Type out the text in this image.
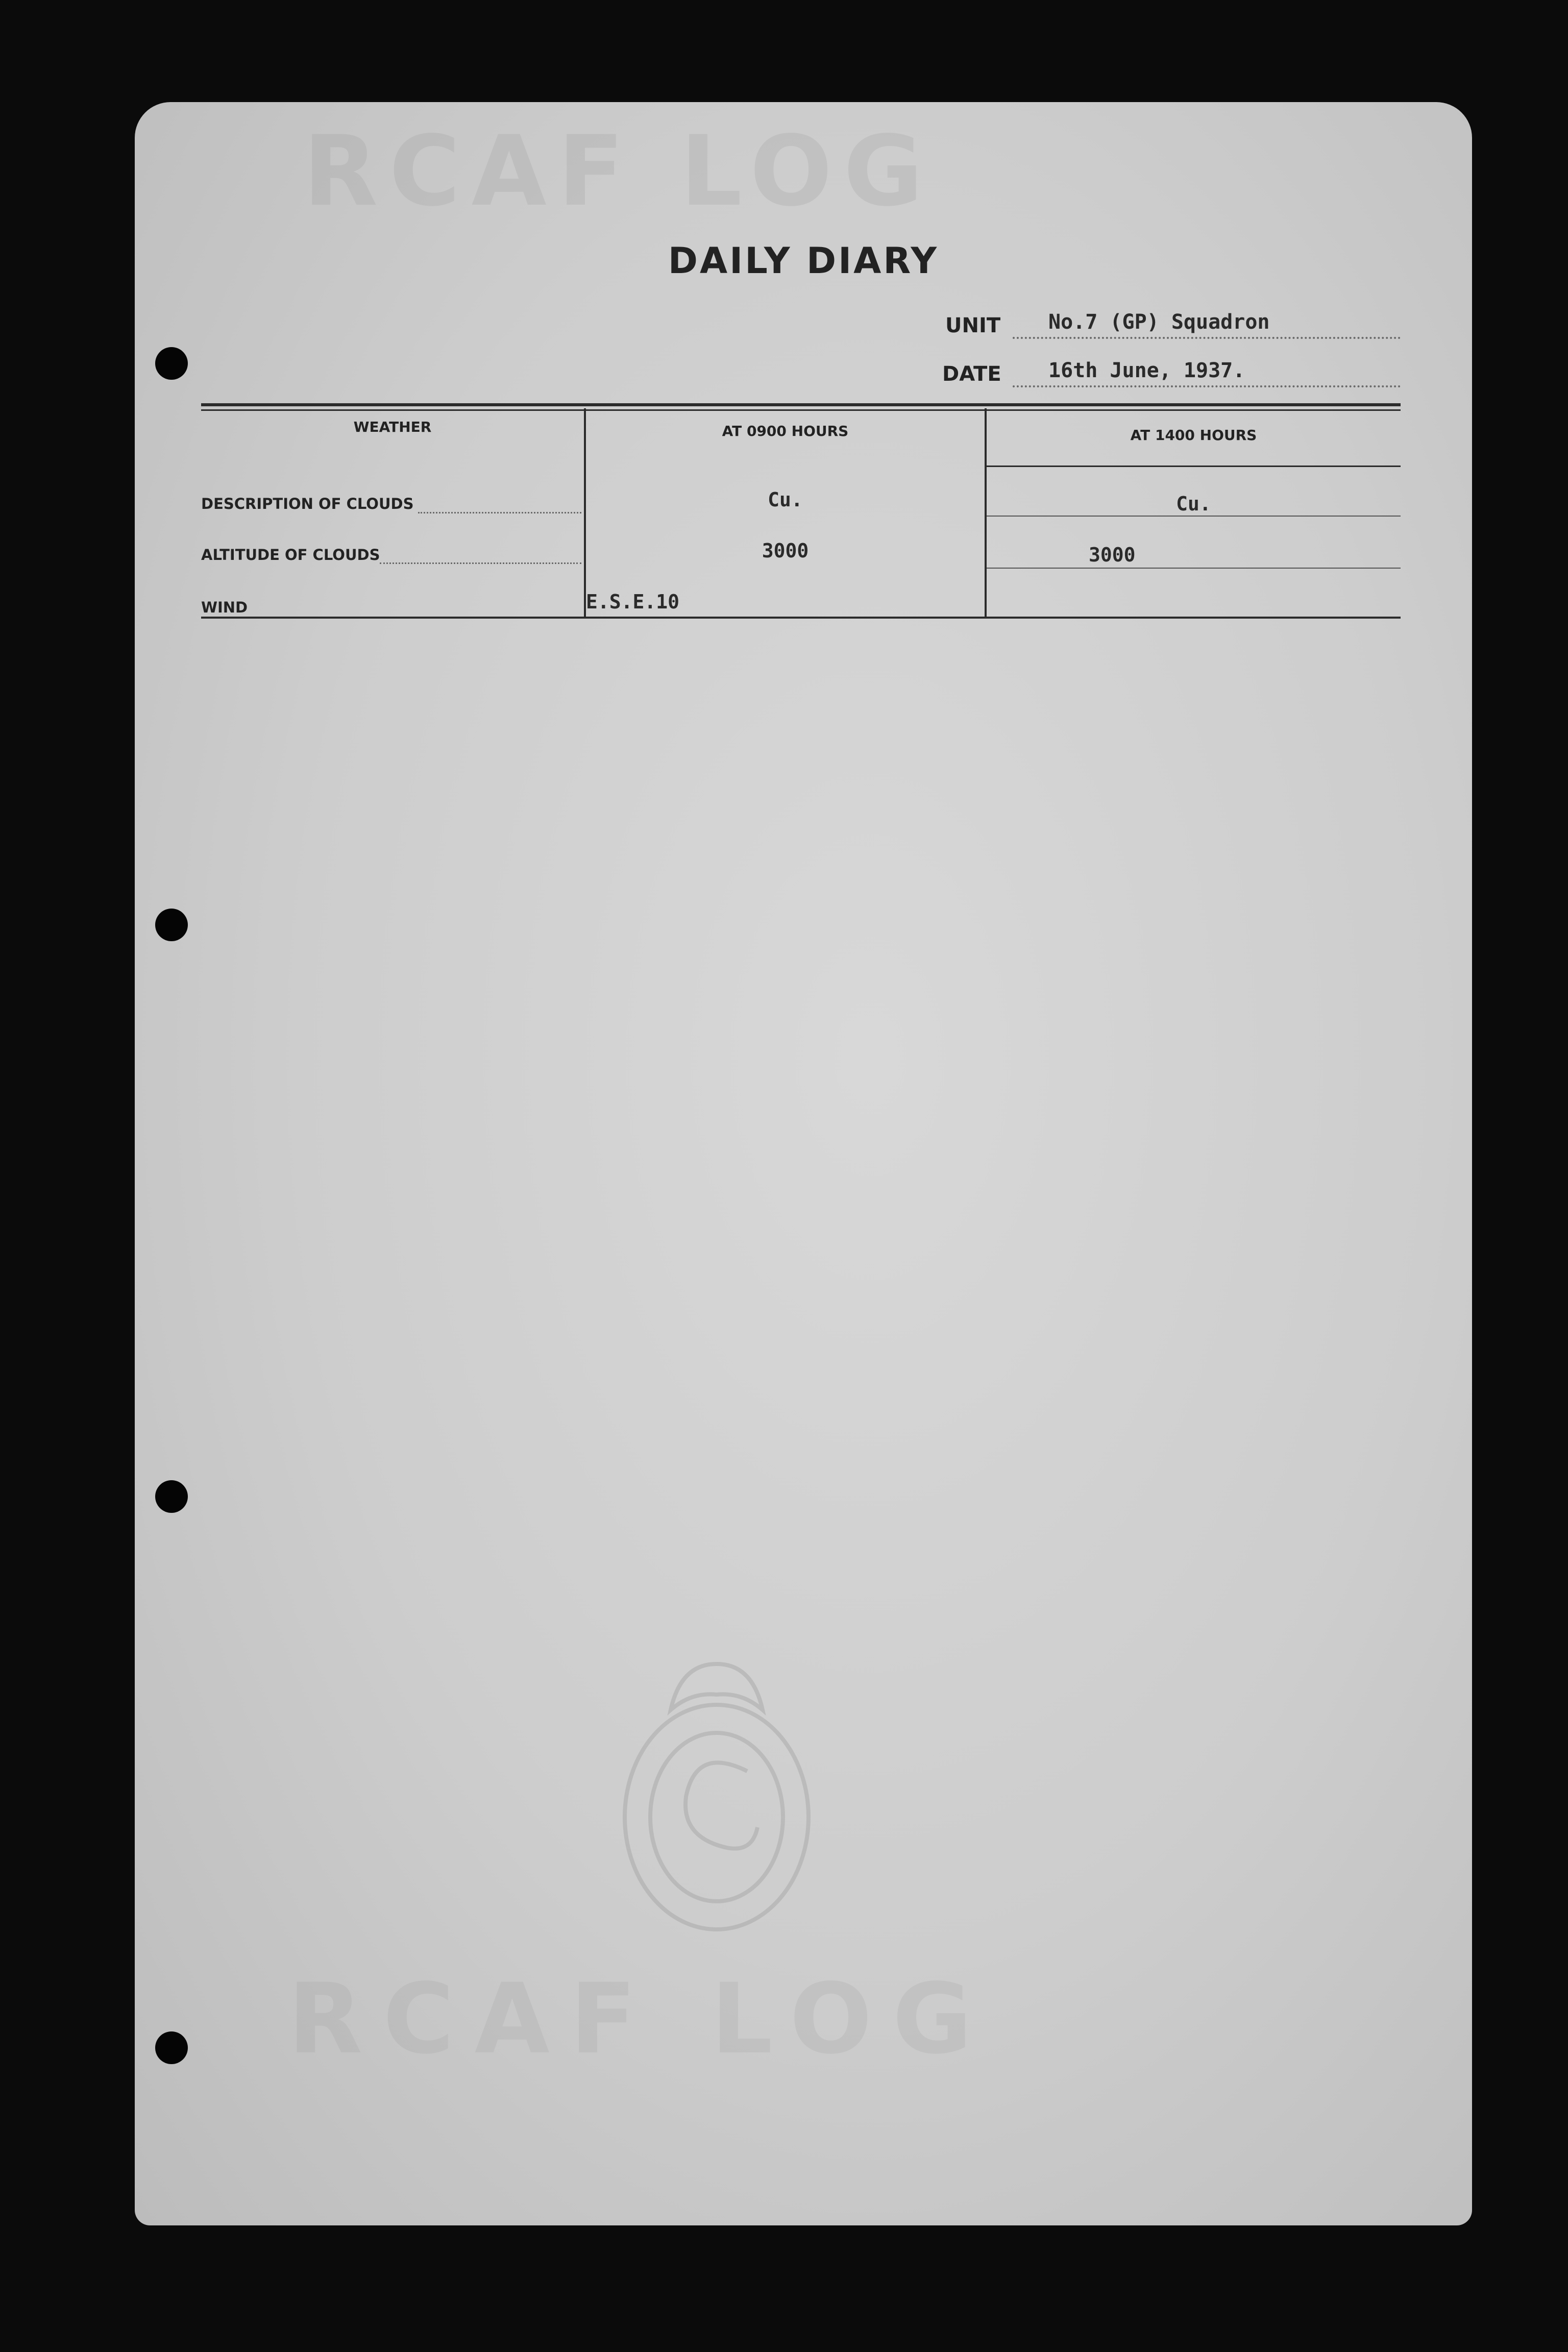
RCAF LOG
RCAF LOG
DAILY DIARY
UNIT No.7 (GP) Squadron
DATE 16th June, 1937.
WEATHER	AT 0900 HOURS	AT 1400 HOURS
DESCRIPTION OF CLOUDS	Cu.	Cu.
ALTITUDE OF CLOUDS	3000	3000
WIND	E.S.E.10
